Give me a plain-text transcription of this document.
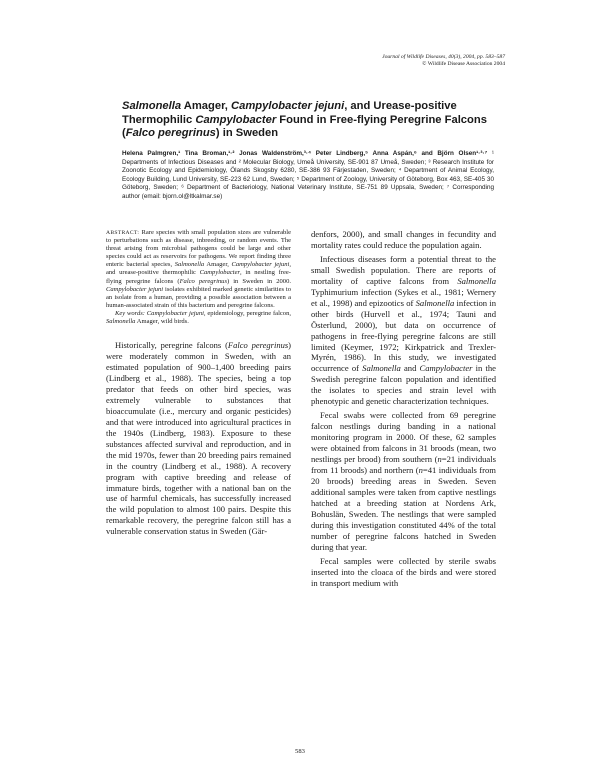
Journal of Wildlife Diseases, 40(3), 2004, pp. 583–587
© Wildlife Disease Association 2004
Salmonella Amager, Campylobacter jejuni, and Urease-positive Thermophilic Campylobacter Found in Free-flying Peregrine Falcons (Falco peregrinus) in Sweden
Helena Palmgren,¹ Tina Broman,¹·² Jonas Waldenström,³·⁴ Peter Lindberg,⁵ Anna Aspán,⁶ and Björn Olsen¹·³·⁷ ¹ Departments of Infectious Diseases and ² Molecular Biology, Umeå University, SE-901 87 Umeå, Sweden; ³ Research Institute for Zoonotic Ecology and Epidemiology, Ölands Skogsby 6280, SE-386 93 Färjestaden, Sweden; ⁴ Department of Animal Ecology, Ecology Building, Lund University, SE-223 62 Lund, Sweden; ⁵ Department of Zoology, University of Göteborg, Box 463, SE-405 30 Göteborg, Sweden; ⁶ Department of Bacteriology, National Veterinary Institute, SE-751 89 Uppsala, Sweden; ⁷ Corresponding author (email: bjorn.ol@ltkalmar.se)

ABSTRACT: Rare species with small population sizes are vulnerable to perturbations such as disease, inbreeding, or random events. The threat arising from microbial pathogens could be large and other species could act as reservoirs for pathogens. We report finding three enteric bacterial species, Salmonella Amager, Campylobacter jejuni, and urease-positive thermophilic Campylobacter, in nestling free-flying peregrine falcons (Falco peregrinus) in Sweden in 2000. Campylobacter jejuni isolates exhibited marked genetic similarities to an isolate from a human, providing a possible association between a human-associated strain of this bacterium and peregrine falcons.

Key words: Campylobacter jejuni, epidemiology, peregrine falcon, Salmonella Amager, wild birds.

Historically, peregrine falcons (Falco peregrinus) were moderately common in Sweden, with an estimated population of 900–1,400 breeding pairs (Lindberg et al., 1988). The species, being a top predator that feeds on other bird species, was extremely vulnerable to substances that bioaccumulate (i.e., mercury and organic pesticides) and that were introduced into agricultural practices in the 1940s (Lindberg, 1983). Exposure to these substances affected survival and reproduction, and in the mid 1970s, fewer than 20 breeding pairs remained in the country (Lindberg et al., 1988). A recovery program with captive breeding and release of immature birds, together with a national ban on the use of harmful chemicals, has successfully increased the wild population to almost 100 pairs. Despite this remarkable recovery, the peregrine falcon still has a vulnerable conservation status in Sweden (Gär-

denfors, 2000), and small changes in fecundity and mortality rates could reduce the population again.

Infectious diseases form a potential threat to the small Swedish population. There are reports of mortality of captive falcons from Salmonella Typhimurium infection (Sykes et al., 1981; Wernery et al., 1998) and epizootics of Salmonella infection in other birds (Hurvell et al., 1974; Tauni and Österlund, 2000), but data on occurrence of pathogens in free-flying peregrine falcons are still limited (Keymer, 1972; Kirkpatrick and Trexler-Myrén, 1986). In this study, we investigated occurrence of Salmonella and Campylobacter in the Swedish peregrine falcon population and identified the isolates to species and strain level with phenotypic and genetic characterization techniques.

Fecal swabs were collected from 69 peregrine falcon nestlings during banding in a national monitoring program in 2000. Of these, 62 samples were obtained from falcons in 31 broods (mean, two nestlings per brood) from southern (n=21 individuals from 11 broods) and northern (n=41 individuals from 20 broods) breeding areas in Sweden. Seven additional samples were taken from captive nestlings hatched at a breeding station at Nordens Ark, Bohuslän, Sweden. The nestlings that were sampled during this investigation constituted 44% of the total number of peregrine falcons hatched in Sweden during that year.

Fecal samples were collected by sterile swabs inserted into the cloaca of the birds and were stored in transport medium with

583
